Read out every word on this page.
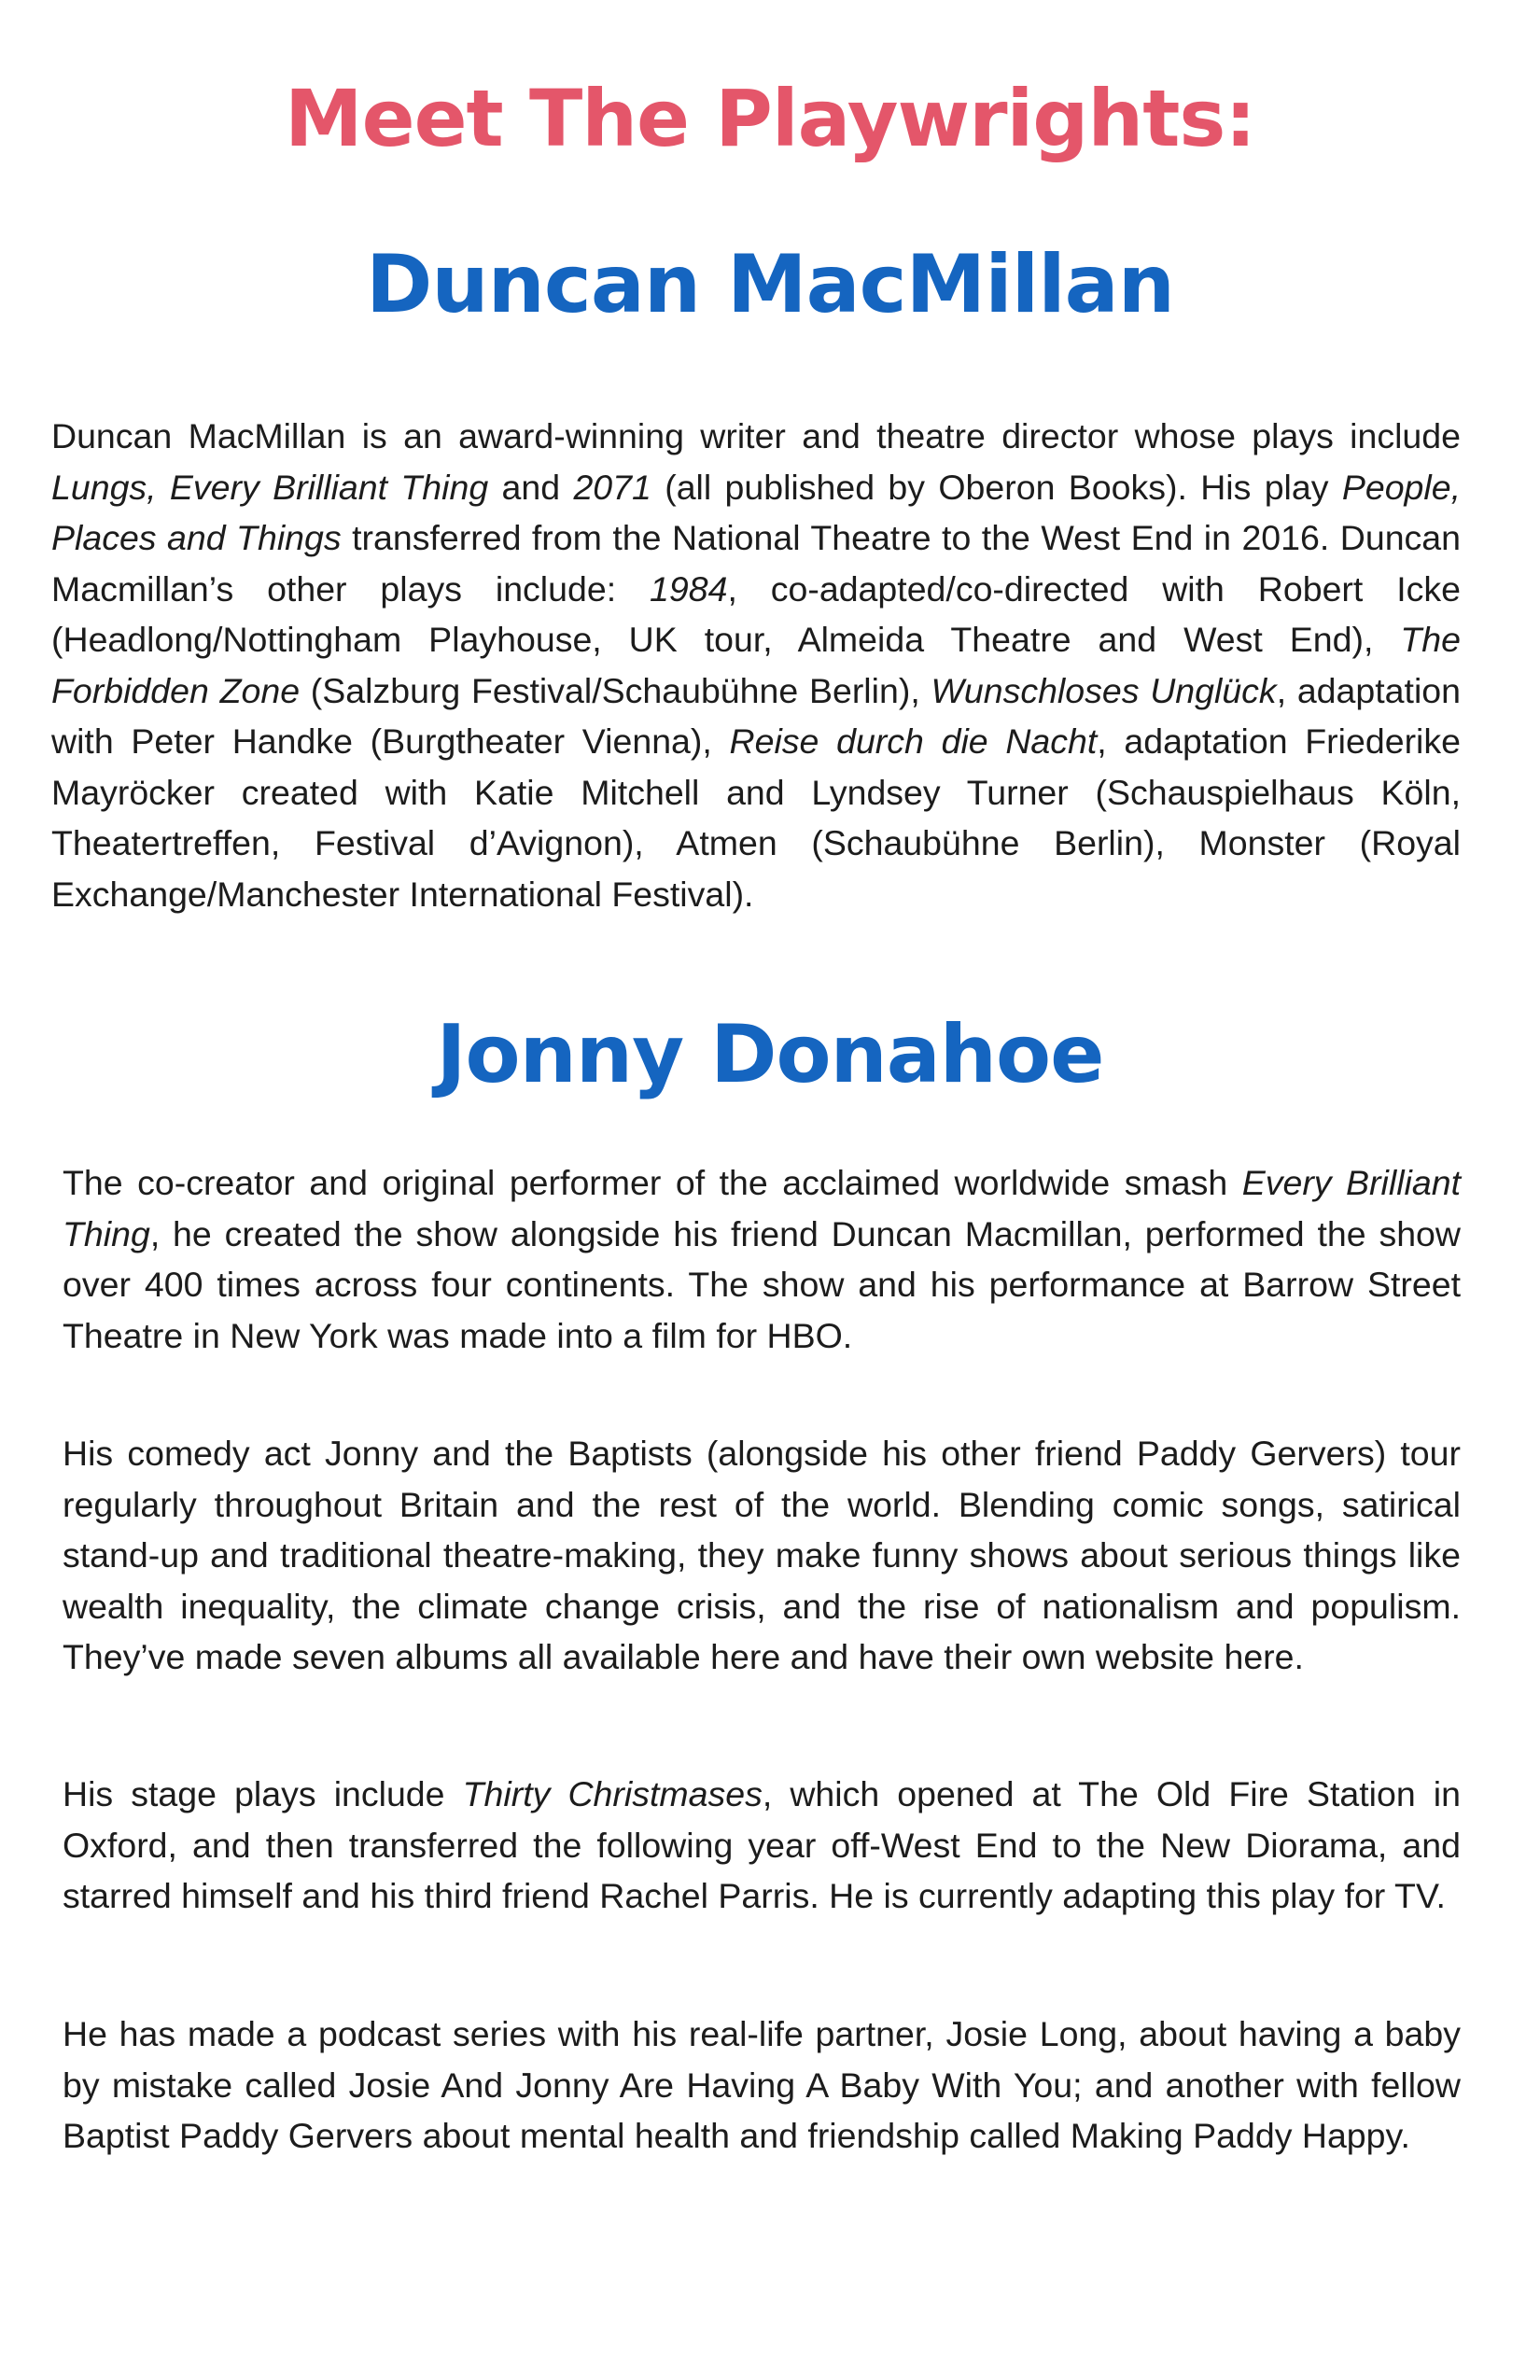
Meet The Playwrights:
Duncan MacMillan

Duncan MacMillan is an award-winning writer and theatre director whose plays include Lungs, Every Brilliant Thing and 2071 (all published by Oberon Books). His play People, Places and Things transferred from the National Theatre to the West End in 2016. Duncan Macmillan’s other plays include: 1984, co-adapted/co-directed with Robert Icke (Headlong/Nottingham Playhouse, UK tour, Almeida Theatre and West End), The Forbidden Zone (Salzburg Festival/Schaubühne Berlin), Wunschloses Unglück, adaptation with Peter Handke (Burgtheater Vienna), Reise durch die Nacht, adaptation Friederike Mayröcker created with Katie Mitchell and Lyndsey Turner (Schauspielhaus Köln, Theatertreffen, Festival d’Avignon), Atmen (Schaubühne Berlin), Monster (Royal Exchange/Manchester International Festival).

Jonny Donahoe

The co-creator and original performer of the acclaimed worldwide smash Every Brilliant Thing, he created the show alongside his friend Duncan Macmillan, performed the show over 400 times across four continents. The show and his performance at Barrow Street Theatre in New York was made into a film for HBO.

His comedy act Jonny and the Baptists (alongside his other friend Paddy Gervers) tour regularly throughout Britain and the rest of the world. Blending comic songs, satirical stand-up and traditional theatre-making, they make funny shows about serious things like wealth inequality, the climate change crisis, and the rise of nationalism and populism. They’ve made seven albums all available here and have their own website here.

His stage plays include Thirty Christmases, which opened at The Old Fire Station in Oxford, and then transferred the following year off-West End to the New Diorama, and starred himself and his third friend Rachel Parris. He is currently adapting this play for TV.

He has made a podcast series with his real-life partner, Josie Long, about having a baby by mistake called Josie And Jonny Are Having A Baby With You; and another with fellow Baptist Paddy Gervers about mental health and friendship called Making Paddy Happy.
